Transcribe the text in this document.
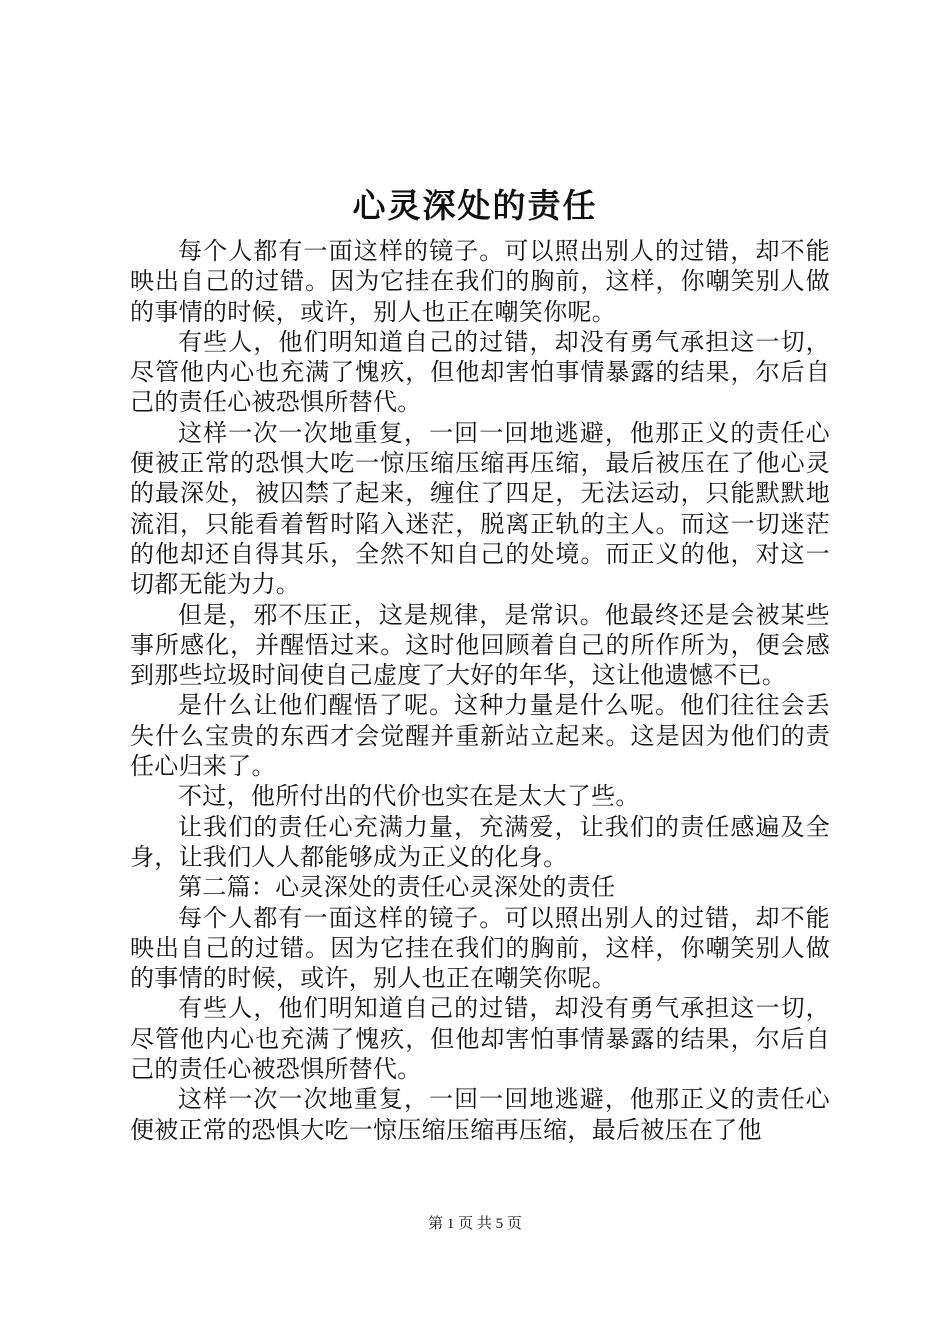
心灵深处的责任

每个人都有一面这样的镜子。可以照出别人的过错，却不能映出自己的过错。因为它挂在我们的胸前，这样，你嘲笑别人做的事情的时候，或许，别人也正在嘲笑你呢。

有些人，他们明知道自己的过错，却没有勇气承担这一切，尽管他内心也充满了愧疚，但他却害怕事情暴露的结果，尔后自己的责任心被恐惧所替代。

这样一次一次地重复，一回一回地逃避，他那正义的责任心便被正常的恐惧大吃一惊压缩压缩再压缩，最后被压在了他心灵的最深处，被囚禁了起来，缠住了四足，无法运动，只能默默地流泪，只能看着暂时陷入迷茫，脱离正轨的主人。而这一切迷茫的他却还自得其乐，全然不知自己的处境。而正义的他，对这一切都无能为力。

但是，邪不压正，这是规律，是常识。他最终还是会被某些事所感化，并醒悟过来。这时他回顾着自己的所作所为，便会感到那些垃圾时间使自己虚度了大好的年华，这让他遗憾不已。

是什么让他们醒悟了呢。这种力量是什么呢。他们往往会丢失什么宝贵的东西才会觉醒并重新站立起来。这是因为他们的责任心归来了。

不过，他所付出的代价也实在是太大了些。

让我们的责任心充满力量，充满爱，让我们的责任感遍及全身，让我们人人都能够成为正义的化身。

第二篇：心灵深处的责任心灵深处的责任

每个人都有一面这样的镜子。可以照出别人的过错，却不能映出自己的过错。因为它挂在我们的胸前，这样，你嘲笑别人做的事情的时候，或许，别人也正在嘲笑你呢。

有些人，他们明知道自己的过错，却没有勇气承担这一切，尽管他内心也充满了愧疚，但他却害怕事情暴露的结果，尔后自己的责任心被恐惧所替代。

这样一次一次地重复，一回一回地逃避，他那正义的责任心便被正常的恐惧大吃一惊压缩压缩再压缩，最后被压在了他

第 1 页 共 5 页
